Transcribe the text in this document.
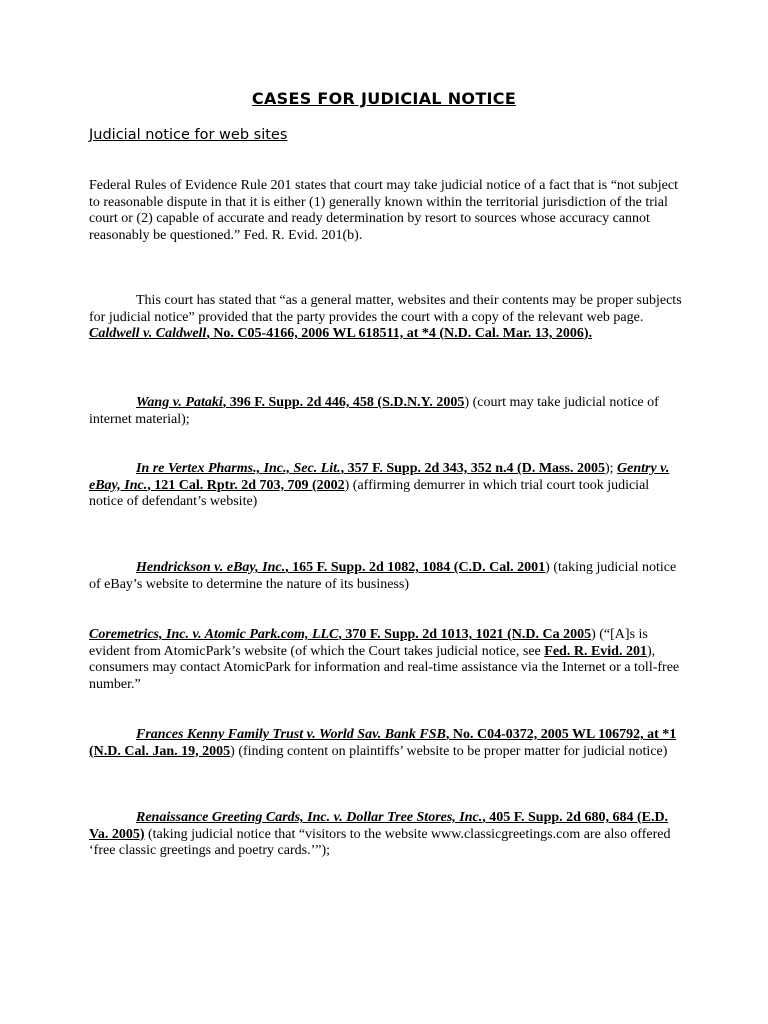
CASES FOR JUDICIAL NOTICE
Judicial notice for web sites

Federal Rules of Evidence Rule 201 states that court may take judicial notice of a fact that is “not subject to reasonable dispute in that it is either (1) generally known within the territorial jurisdiction of the trial court or (2) capable of accurate and ready determination by resort to sources whose accuracy cannot reasonably be questioned.” Fed. R. Evid. 201(b).

This court has stated that “as a general matter, websites and their contents may be proper subjects for judicial notice” provided that the party provides the court with a copy of the relevant web page. Caldwell v. Caldwell, No. C05-4166, 2006 WL 618511, at *4 (N.D. Cal. Mar. 13, 2006).

Wang v. Pataki, 396 F. Supp. 2d 446, 458 (S.D.N.Y. 2005) (court may take judicial notice of internet material);

In re Vertex Pharms., Inc., Sec. Lit., 357 F. Supp. 2d 343, 352 n.4 (D. Mass. 2005); Gentry v. eBay, Inc., 121 Cal. Rptr. 2d 703, 709 (2002) (affirming demurrer in which trial court took judicial notice of defendant’s website)

Hendrickson v. eBay, Inc., 165 F. Supp. 2d 1082, 1084 (C.D. Cal. 2001) (taking judicial notice of eBay’s website to determine the nature of its business)

Coremetrics, Inc. v. Atomic Park.com, LLC, 370 F. Supp. 2d 1013, 1021 (N.D. Ca 2005) (“[A]s is evident from AtomicPark’s website (of which the Court takes judicial notice, see Fed. R. Evid. 201), consumers may contact AtomicPark for information and real-time assistance via the Internet or a toll-free number.”

Frances Kenny Family Trust v. World Sav. Bank FSB, No. C04-0372, 2005 WL 106792, at *1 (N.D. Cal. Jan. 19, 2005) (finding content on plaintiffs’ website to be proper matter for judicial notice)

Renaissance Greeting Cards, Inc. v. Dollar Tree Stores, Inc., 405 F. Supp. 2d 680, 684 (E.D. Va. 2005) (taking judicial notice that “visitors to the website www.classicgreetings.com are also offered ‘free classic greetings and poetry cards.’”);
